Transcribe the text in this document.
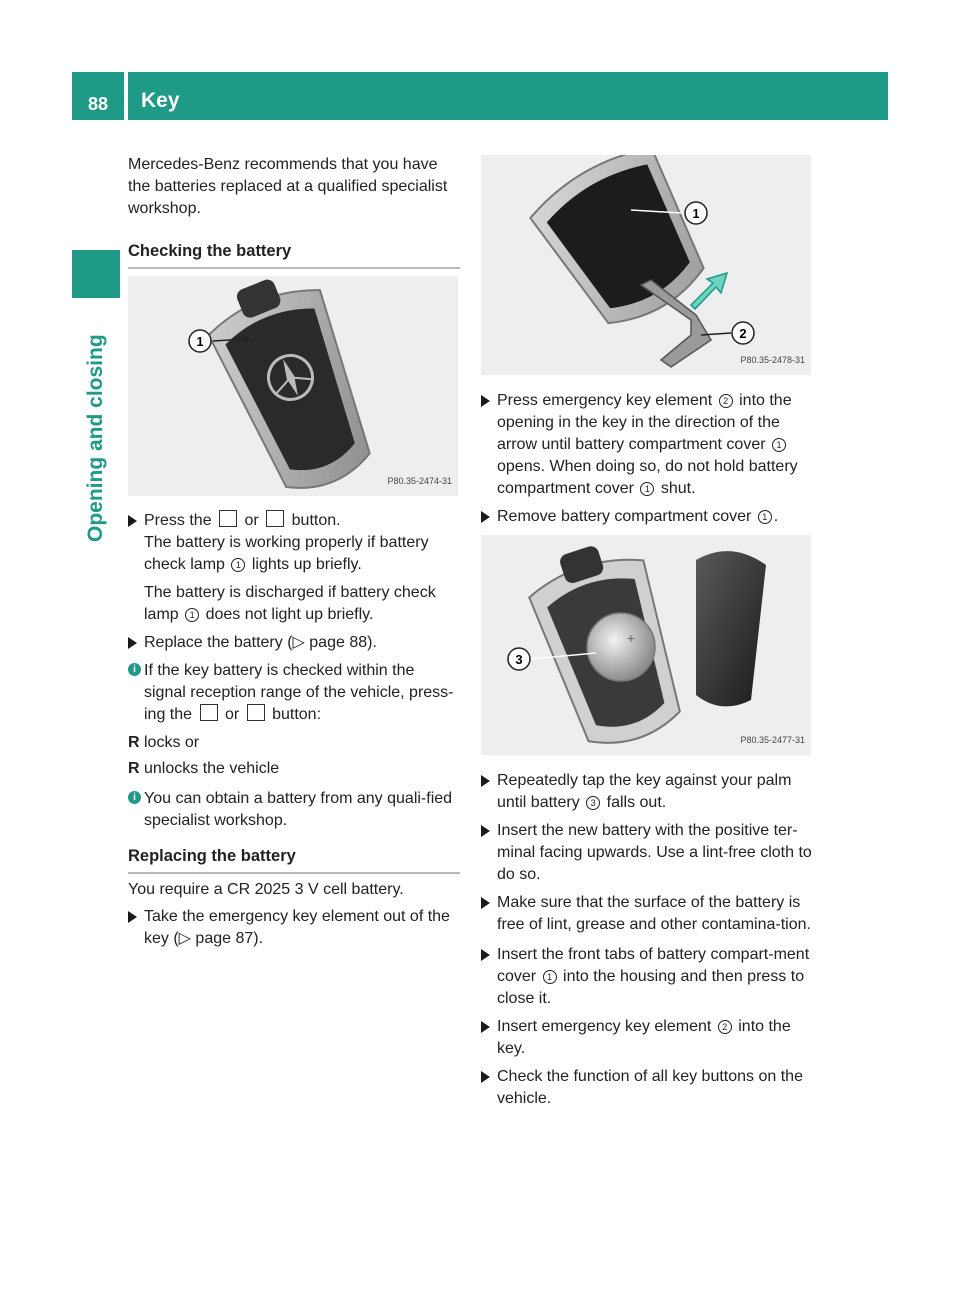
88 Key
Opening and closing

Mercedes-Benz recommends that you have the batteries replaced at a qualified specialist workshop.

Checking the battery
1
P80.35-2474-31
Press the or button.
The battery is working properly if battery check lamp 1 lights up briefly.
The battery is discharged if battery check lamp 1 does not light up briefly.
Replace the battery (▷ page 88).
i If the key battery is checked within the signal reception range of the vehicle, press-ing the or button:
R locks or
R unlocks the vehicle
i You can obtain a battery from any quali-fied specialist workshop.
Replacing the battery

You require a CR 2025 3 V cell battery.

Take the emergency key element out of the key (▷ page 87).
1
2
P80.35-2478-31
Press emergency key element 2 into the opening in the key in the direction of the arrow until battery compartment cover 1 opens. When doing so, do not hold battery compartment cover 1 shut.
Remove battery compartment cover 1 .
+
3
P80.35-2477-31
Repeatedly tap the key against your palm until battery 3 falls out.
Insert the new battery with the positive ter-minal facing upwards. Use a lint-free cloth to do so.
Make sure that the surface of the battery is free of lint, grease and other contamina-tion.
Insert the front tabs of battery compart-ment cover 1 into the housing and then press to close it.
Insert emergency key element 2 into the key.
Check the function of all key buttons on the vehicle.
